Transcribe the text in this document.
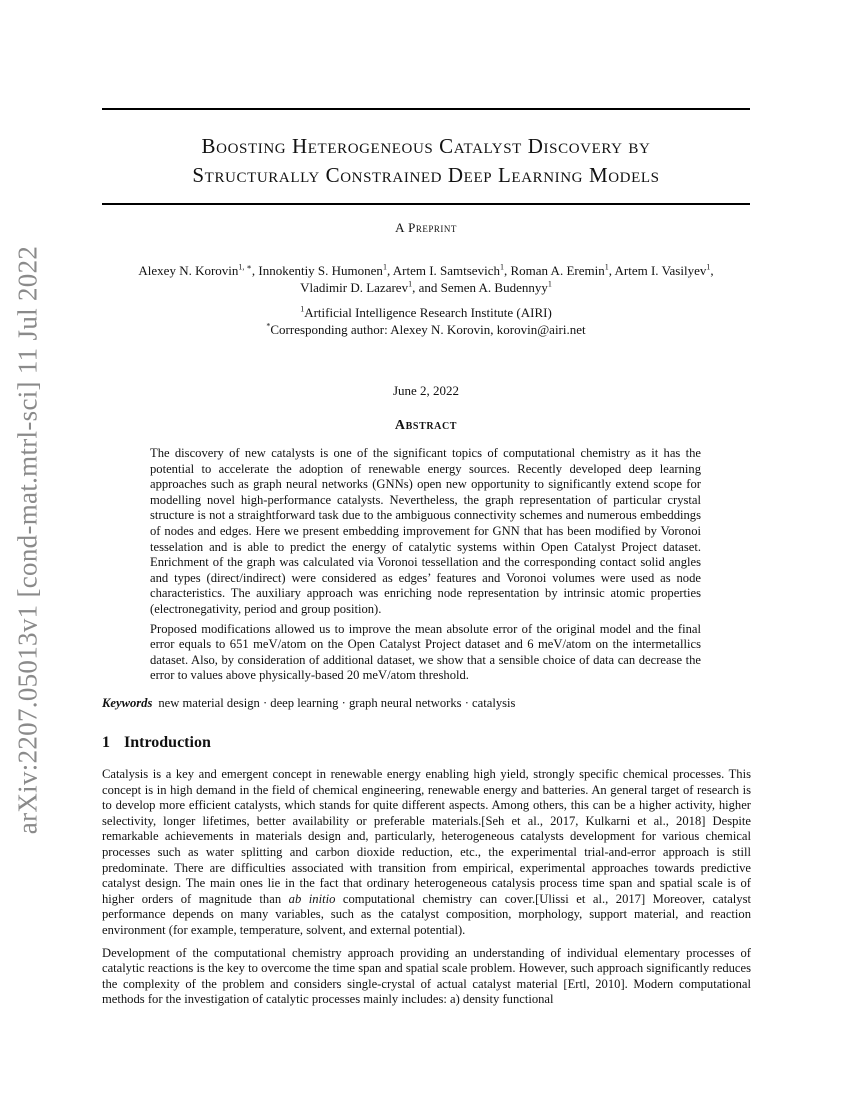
arXiv:2207.05013v1 [cond-mat.mtrl-sci] 11 Jul 2022
Boosting Heterogeneous Catalyst Discovery by
Structurally Constrained Deep Learning Models
A Preprint
Alexey N. Korovin$^{1, ∗}$, Innokentiy S. Humonen$^1$, Artem I. Samtsevich$^1$, Roman A. Eremin$^1$, Artem I. Vasilyev$^1$,
Vladimir D. Lazarev$^1$, and Semen A. Budennyy$^1$
$^1$Artificial Intelligence Research Institute (AIRI)
*Corresponding author: Alexey N. Korovin, korovin@airi.net
June 2, 2022
Abstract

The discovery of new catalysts is one of the significant topics of computational chemistry as it has the potential to accelerate the adoption of renewable energy sources. Recently developed deep learning approaches such as graph neural networks (GNNs) open new opportunity to significantly extend scope for modelling novel high-performance catalysts. Nevertheless, the graph representation of particular crystal structure is not a straightforward task due to the ambiguous connectivity schemes and numerous embeddings of nodes and edges. Here we present embedding improvement for GNN that has been modified by Voronoi tesselation and is able to predict the energy of catalytic systems within Open Catalyst Project dataset. Enrichment of the graph was calculated via Voronoi tessellation and the corresponding contact solid angles and types (direct/indirect) were considered as edges’ features and Voronoi volumes were used as node characteristics. The auxiliary approach was enriching node representation by intrinsic atomic properties (electronegativity, period and group position).

Proposed modifications allowed us to improve the mean absolute error of the original model and the final error equals to 651 meV/atom on the Open Catalyst Project dataset and 6 meV/atom on the intermetallics dataset. Also, by consideration of additional dataset, we show that a sensible choice of data can decrease the error to values above physically-based 20 meV/atom threshold.

Keywords new material design · deep learning · graph neural networks · catalysis
1 Introduction

Catalysis is a key and emergent concept in renewable energy enabling high yield, strongly specific chemical processes. This concept is in high demand in the field of chemical engineering, renewable energy and batteries. An general target of research is to develop more efficient catalysts, which stands for quite different aspects. Among others, this can be a higher activity, higher selectivity, longer lifetimes, better availability or preferable materials.[Seh et al., 2017, Kulkarni et al., 2018] Despite remarkable achievements in materials design and, particularly, heterogeneous catalysts development for various chemical processes such as water splitting and carbon dioxide reduction, etc., the experimental trial-and-error approach is still predominate. There are difficulties associated with transition from empirical, experimental approaches towards predictive catalyst design. The main ones lie in the fact that ordinary heterogeneous catalysis process time span and spatial scale is of higher orders of magnitude than ab initio computational chemistry can cover.[Ulissi et al., 2017] Moreover, catalyst performance depends on many variables, such as the catalyst composition, morphology, support material, and reaction environment (for example, temperature, solvent, and external potential).

Development of the computational chemistry approach providing an understanding of individual elementary processes of catalytic reactions is the key to overcome the time span and spatial scale problem. However, such approach significantly reduces the complexity of the problem and considers single-crystal of actual catalyst material [Ertl, 2010]. Modern computational methods for the investigation of catalytic processes mainly includes: a) density functional
